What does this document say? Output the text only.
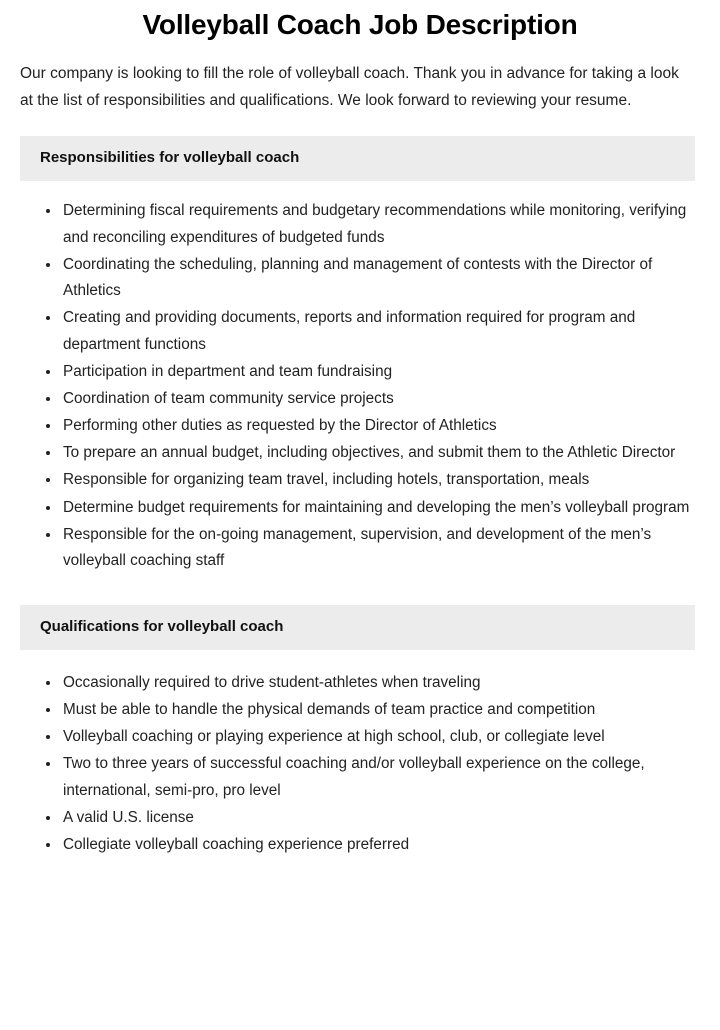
Volleyball Coach Job Description

Our company is looking to fill the role of volleyball coach. Thank you in advance for taking a look at the list of responsibilities and qualifications. We look forward to reviewing your resume.

Responsibilities for volleyball coach
Determining fiscal requirements and budgetary recommendations while monitoring, verifying and reconciling expenditures of budgeted funds
Coordinating the scheduling, planning and management of contests with the Director of Athletics
Creating and providing documents, reports and information required for program and department functions
Participation in department and team fundraising
Coordination of team community service projects
Performing other duties as requested by the Director of Athletics
To prepare an annual budget, including objectives, and submit them to the Athletic Director
Responsible for organizing team travel, including hotels, transportation, meals
Determine budget requirements for maintaining and developing the men’s volleyball program
Responsible for the on-going management, supervision, and development of the men’s volleyball coaching staff
Qualifications for volleyball coach
Occasionally required to drive student-athletes when traveling
Must be able to handle the physical demands of team practice and competition
Volleyball coaching or playing experience at high school, club, or collegiate level
Two to three years of successful coaching and/or volleyball experience on the college, international, semi-pro, pro level
A valid U.S. license
Collegiate volleyball coaching experience preferred
